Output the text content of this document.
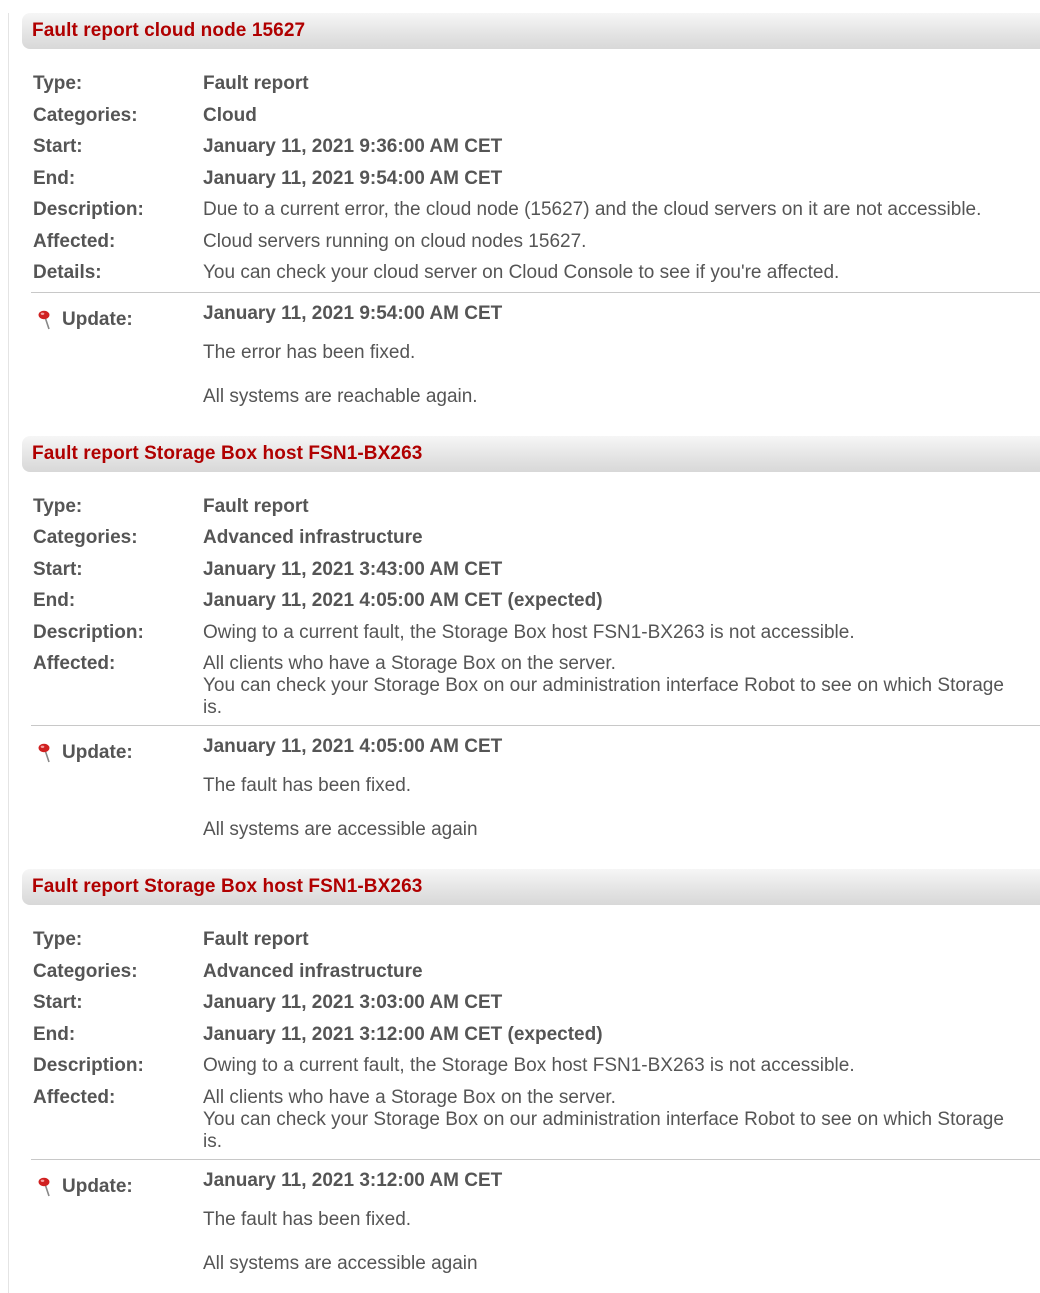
Fault report cloud node 15627
Type:	Fault report
Categories:	Cloud
Start:	January 11, 2021 9:36:00 AM CET
End:	January 11, 2021 9:54:00 AM CET
Description:	Due to a current error, the cloud node (15627) and the cloud servers on it are not accessible.
Affected:	Cloud servers running on cloud nodes 15627.
Details:	You can check your cloud server on Cloud Console to see if you're affected.
Update:	January 11, 2021 9:54:00 AM CET
The error has been fixed.
All systems are reachable again.
Fault report Storage Box host FSN1-BX263
Type:	Fault report
Categories:	Advanced infrastructure
Start:	January 11, 2021 3:43:00 AM CET
End:	January 11, 2021 4:05:00 AM CET (expected)
Description:	Owing to a current fault, the Storage Box host FSN1-BX263 is not accessible.
Affected:	All clients who have a Storage Box on the server.
You can check your Storage Box on our administration interface Robot to see on which Storage
is.
Update:	January 11, 2021 4:05:00 AM CET
The fault has been fixed.
All systems are accessible again
Fault report Storage Box host FSN1-BX263
Type:	Fault report
Categories:	Advanced infrastructure
Start:	January 11, 2021 3:03:00 AM CET
End:	January 11, 2021 3:12:00 AM CET (expected)
Description:	Owing to a current fault, the Storage Box host FSN1-BX263 is not accessible.
Affected:	All clients who have a Storage Box on the server.
You can check your Storage Box on our administration interface Robot to see on which Storage
is.
Update:	January 11, 2021 3:12:00 AM CET
The fault has been fixed.
All systems are accessible again
